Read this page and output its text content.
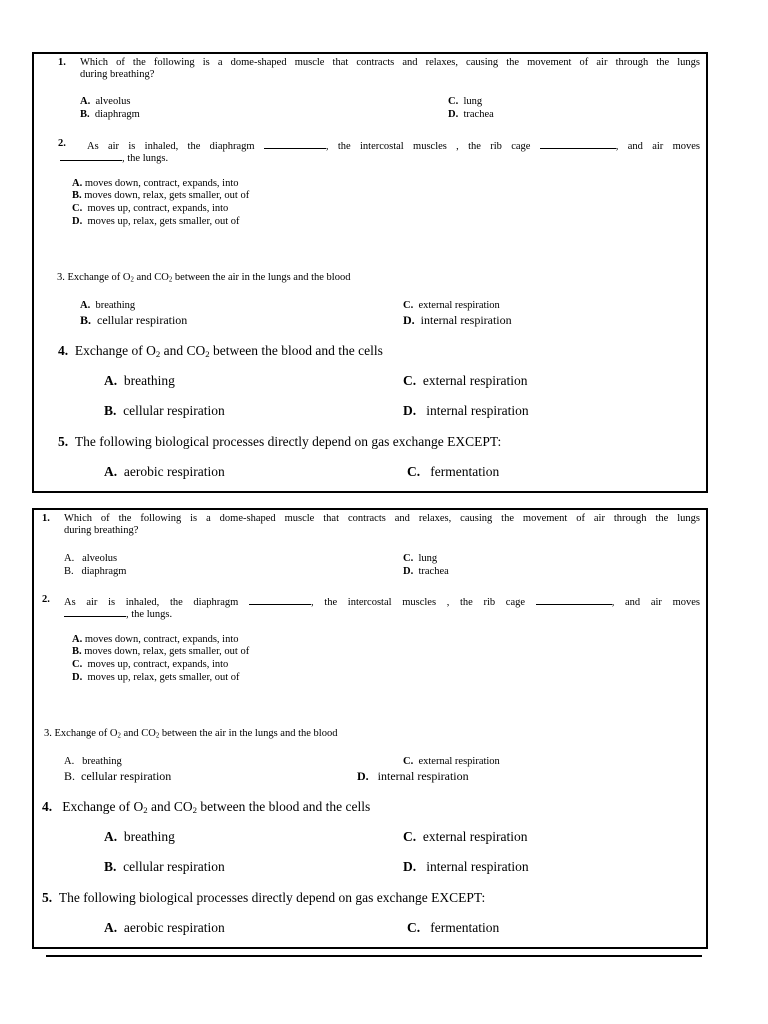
1. Which of the following is a dome-shaped muscle that contracts and relaxes, causing the movement of air through the lungs
during breathing?
A. alveolus
B. diaphragm
C. lung
D. trachea
2. As air is inhaled, the diaphragm	, the intercostal muscles , the rib cage	, and air moves
, the lungs.
A. moves down, contract, expands, into
B. moves down, relax, gets smaller, out of
C. moves up, contract, expands, into
D. moves up, relax, gets smaller, out of
3. Exchange of $O_2$ and $CO_2$ between the air in the lungs and the blood
A. breathing
B. cellular respiration
C. external respiration
D. internal respiration
4. Exchange of $O_2$ and $CO_2$ between the blood and the cells
A. breathing
B. cellular respiration
C. external respiration
D. internal respiration
5. The following biological processes directly depend on gas exchange EXCEPT:
A. aerobic respiration	C. fermentation
1. Which of the following is a dome-shaped muscle that contracts and relaxes, causing the movement of air through the lungs
during breathing?
A. alveolus
B. diaphragm
C. lung
D. trachea
2. As air is inhaled, the diaphragm	, the intercostal muscles , the rib cage	, and air moves
, the lungs.
A. moves down, contract, expands, into
B. moves down, relax, gets smaller, out of
C. moves up, contract, expands, into
D. moves up, relax, gets smaller, out of
3. Exchange of $O_2$ and $CO_2$ between the air in the lungs and the blood
A. breathing
B. cellular respiration
C. external respiration
D. internal respiration
4. Exchange of $O_2$ and $CO_2$ between the blood and the cells
A. breathing
B. cellular respiration
C. external respiration
D. internal respiration
5. The following biological processes directly depend on gas exchange EXCEPT:
A. aerobic respiration	C. fermentation
